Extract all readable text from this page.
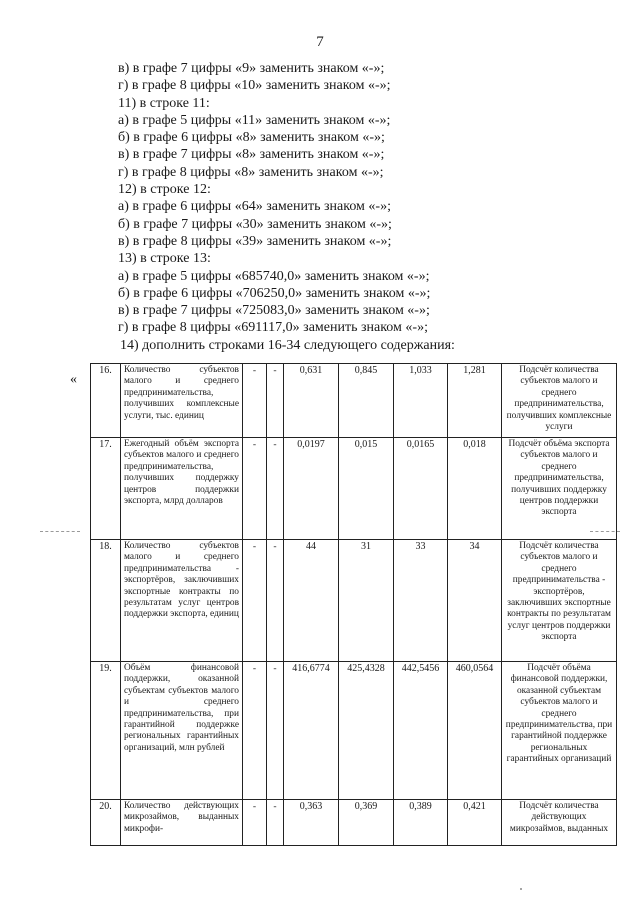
7
в) в графе 7 цифры «9» заменить знаком «-»;
г) в графе 8 цифры «10» заменить знаком «-»;
11) в строке 11:
а) в графе 5 цифры «11» заменить знаком «-»;
б) в графе 6 цифры «8» заменить знаком «-»;
в) в графе 7 цифры «8» заменить знаком «-»;
г) в графе 8 цифры «8» заменить знаком «-»;
12) в строке 12:
а) в графе 6 цифры «64» заменить знаком «-»;
б) в графе 7 цифры «30» заменить знаком «-»;
в) в графе 8 цифры «39» заменить знаком «-»;
13) в строке 13:
а) в графе 5 цифры «685740,0» заменить знаком «-»;
б) в графе 6 цифры «706250,0» заменить знаком «-»;
в) в графе 7 цифры «725083,0» заменить знаком «-»;
г) в графе 8 цифры «691117,0» заменить знаком «-»;
14) дополнить строками 16-34 следующего содержания:
«
16.	Количество субъектов малого и среднего предпринимательства, получивших комплексные услуги, тыс. единиц	-	-	0,631	0,845	1,033	1,281	Подсчёт количества субъектов малого и среднего предпринимательства, получивших комплексные услуги
17.	Ежегодный объём экспорта субъектов малого и среднего предпринимательства, получивших поддержку центров поддержки экспорта, млрд долларов	-	-	0,0197	0,015	0,0165	0,018	Подсчёт объёма экспорта субъектов малого и среднего предпринимательства, получивших поддержку центров поддержки экспорта
18.	Количество субъектов малого и среднего предпринимательства - экспортёров, заключивших экспортные контракты по результатам услуг центров поддержки экспорта, единиц	-	-	44	31	33	34	Подсчёт количества субъектов малого и среднего предпринимательства - экспортёров, заключивших экспортные контракты по результатам услуг центров поддержки экспорта
19.	Объём финансовой поддержки, оказанной субъектам субъектов малого и среднего предпринимательства, при гарантийной поддержке региональных гарантийных организаций, млн рублей	-	-	416,6774	425,4328	442,5456	460,0564	Подсчёт объёма финансовой поддержки, оказанной субъектам субъектов малого и среднего предпринимательства, при гарантийной поддержке региональных гарантийных организаций
20.	Количество действующих микрозаймов, выданных микрофи-	-	-	0,363	0,369	0,389	0,421	Подсчёт количества действующих микрозаймов, выданных
